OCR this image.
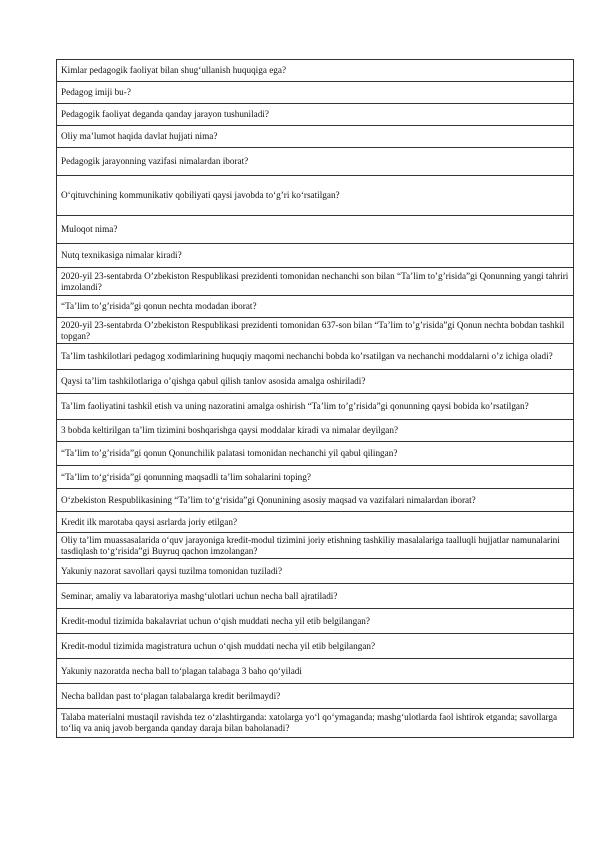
Kimlar pedagogik faoliyat bilan shug‘ullanish huquqiga ega?
Pedagog imiji bu-?
Pedagogik faoliyat deganda qanday jarayon tushuniladi?
Oliy ma’lumot haqida davlat hujjati nima?
Pedagogik jarayonning vazifasi nimalardan iborat?
O‘qituvchining kommunikativ qobiliyati qaysi javobda to‘g’ri ko‘rsatilgan?
Muloqot nima?
Nutq texnikasiga nimalar kiradi?
2020-yil 23-sentabrda O’zbekiston Respublikasi prezidenti tomonidan nechanchi son bilan “Ta’lim to’g’risida”gi Qonunning yangi tahriri imzolandi?
“Ta’lim to’g’risida”gi qonun nechta modadan iborat?
2020-yil 23-sentabrda O’zbekiston Respublikasi prezidenti tomonidan 637-son bilan “Ta’lim to’g’risida”gi Qonun nechta bobdan tashkil topgan?
Ta’lim tashkilotlari pedagog xodimlarining huquqiy maqomi nechanchi bobda ko’rsatilgan va nechanchi moddalarni o’z ichiga oladi?
Qaysi ta’lim tashkilotlariga o’qishga qabul qilish tanlov asosida amalga oshiriladi?
Ta’lim faoliyatini tashkil etish va uning nazoratini amalga oshirish “Ta’lim to’g’risida”gi qonunning qaysi bobida ko’rsatilgan?
3 bobda keltirilgan ta’lim tizimini boshqarishga qaysi moddalar kiradi va nimalar deyilgan?
“Ta’lim to’g’risida”gi qonun Qonunchilik palatasi tomonidan nechanchi yil qabul qilingan?
“Ta’lim to‘g‘risida”gi qonunning maqsadli ta’lim sohalarini toping?
O‘zbekiston Respublikasining “Ta’lim to‘g‘risida”gi Qonunining asosiy maqsad va vazifalari nimalardan iborat?
Kredit ilk marotaba qaysi asrlarda joriy etilgan?
Oliy ta’lim muassasalarida o‘quv jarayoniga kredit-modul tizimini joriy etishning tashkiliy masalalariga taalluqli hujjatlar namunalarini tasdiqlash to‘g‘risida”gi Buyruq qachon imzolangan?
Yakuniy nazorat savollari qaysi tuzilma tomonidan tuziladi?
Seminar, amaliy va labaratoriya mashg‘ulotlari uchun necha ball ajratiladi?
Kredit-modul tizimida bakalavriat uchun o‘qish muddati necha yil etib belgilangan?
Kredit-modul tizimida magistratura uchun o‘qish muddati necha yil etib belgilangan?
Yakuniy nazoratda necha ball to‘plagan talabaga 3 baho qo‘yiladi
Necha balldan past to‘plagan talabalarga kredit berilmaydi?
Talaba materialni mustaqil ravishda tez o‘zlashtirganda: xatolarga yo‘l qo‘ymaganda; mashg‘ulotlarda faol ishtirok etganda; savollarga to‘liq va aniq javob berganda qanday daraja bilan baholanadi?
